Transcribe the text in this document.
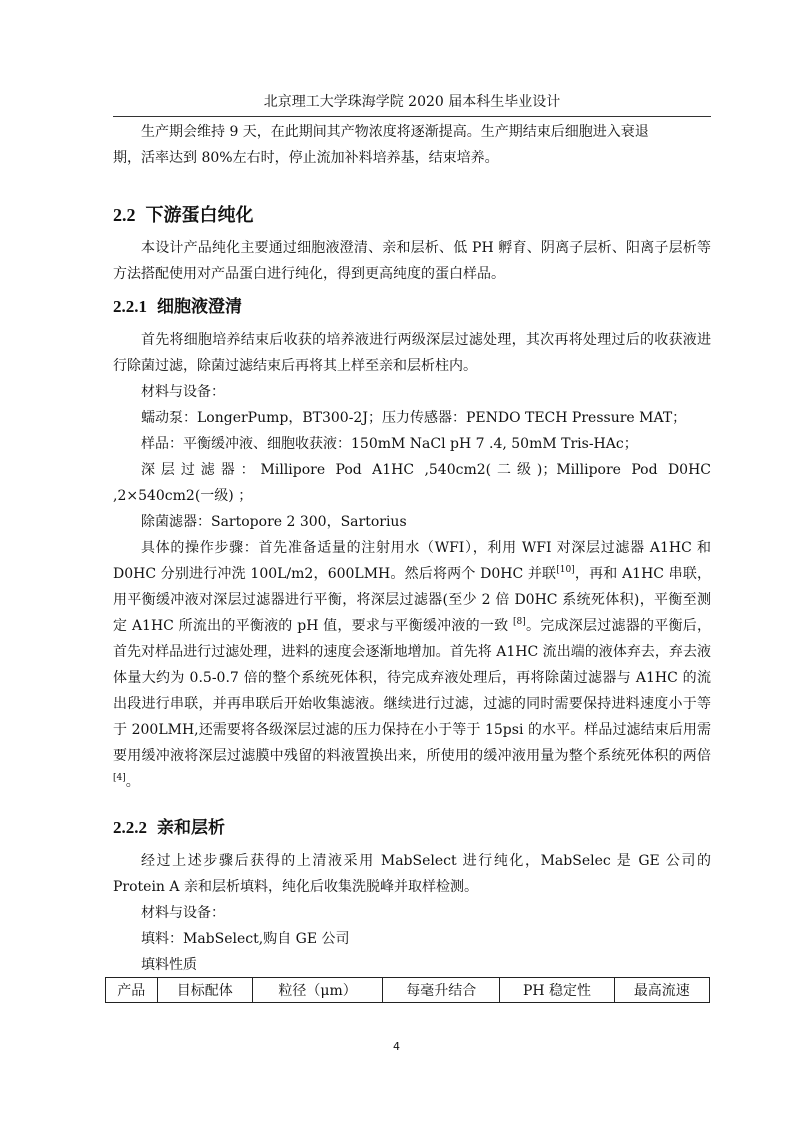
北京理工大学珠海学院 2020 届本科生毕业设计
生产期会维持 9 天，在此期间其产物浓度将逐渐提高。生产期结束后细胞进入衰退
期，活率达到 80%左右时，停止流加补料培养基，结束培养。
2.2 下游蛋白纯化

本设计产品纯化主要通过细胞液澄清、亲和层析、低 PH 孵育、阴离子层析、阳离子层析等方法搭配使用对产品蛋白进行纯化，得到更高纯度的蛋白样品。

2.2.1 细胞液澄清

首先将细胞培养结束后收获的培养液进行两级深层过滤处理，其次再将处理过后的收获液进行除菌过滤，除菌过滤结束后再将其上样至亲和层析柱内。

材料与设备：
蠕动泵：LongerPump，BT300-2J；压力传感器：PENDO TECH Pressure MAT；
样品：平衡缓冲液、细胞收获液：150mM NaCl pH 7 .4, 50mM Tris-HAc；

深层过滤器：Millipore Pod A1HC ,540cm2(二级)；Millipore Pod D0HC ,2×540cm2(一级) ；

除菌滤器：Sartopore 2 300，Sartorius

具体的操作步骤：首先准备适量的注射用水（WFI），利用 WFI 对深层过滤器 A1HC 和 D0HC 分别进行冲洗 100L/m2，600LMH。然后将两个 D0HC 并联[10]，再和 A1HC 串联，用平衡缓冲液对深层过滤器进行平衡，将深层过滤器(至少 2 倍 D0HC 系统死体积)，平衡至测定 A1HC 所流出的平衡液的 pH 值，要求与平衡缓冲液的一致 [8]。完成深层过滤器的平衡后，首先对样品进行过滤处理，进料的速度会逐渐地增加。首先将 A1HC 流出端的液体弃去，弃去液体量大约为 0.5-0.7 倍的整个系统死体积，待完成弃液处理后，再将除菌过滤器与 A1HC 的流出段进行串联，并再串联后开始收集滤液。继续进行过滤，过滤的同时需要保持进料速度小于等于 200LMH,还需要将各级深层过滤的压力保持在小于等于 15psi 的水平。样品过滤结束后用需要用缓冲液将深层过滤膜中残留的料液置换出来，所使用的缓冲液用量为整个系统死体积的两倍[4]。

2.2.2 亲和层析

经过上述步骤后获得的上清液采用 MabSelect 进行纯化，MabSelec 是 GE 公司的 Protein A 亲和层析填料，纯化后收集洗脱峰并取样检测。

材料与设备：
填料：MabSelect,购自 GE 公司
填料性质
产品	目标配体	粒径（μm）	每毫升结合	PH 稳定性	最高流速
4
